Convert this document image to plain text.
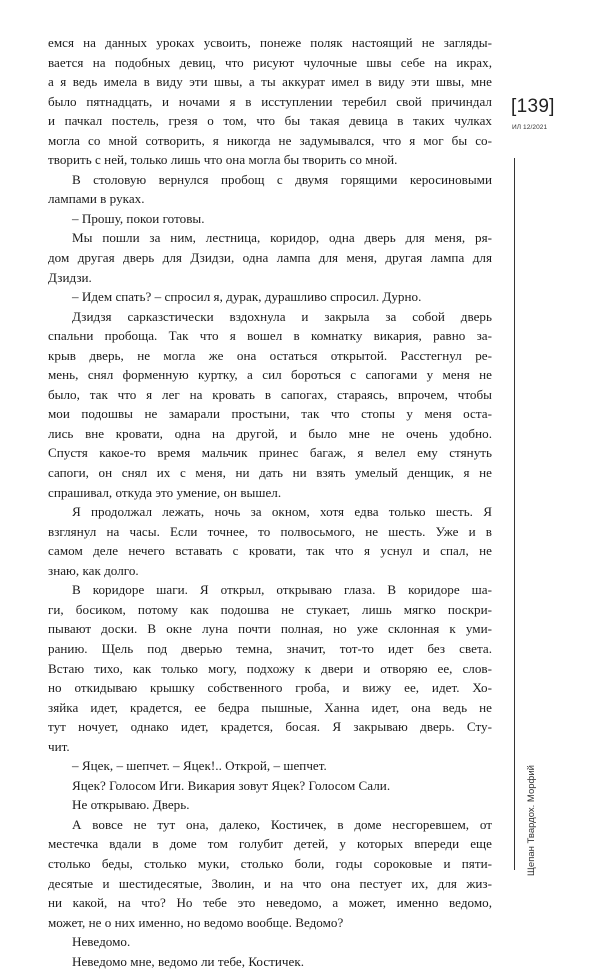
емся на данных уроках усвоить, понеже поляк настоящий не загляды-
вается на подобных девиц, что рисуют чулочные швы себе на икрах,
а я ведь имела в виду эти швы, а ты аккурат имел в виду эти швы, мне
было пятнадцать, и ночами я в исступлении теребил свой причиндал
и пачкал постель, грезя о том, что бы такая девица в таких чулках
могла со мной сотворить, я никогда не задумывался, что я мог бы со-
творить с ней, только лишь что она могла бы творить со мной.
В столовую вернулся пробощ с двумя горящими керосиновыми
лампами в руках.
– Прошу, покои готовы.
Мы пошли за ним, лестница, коридор, одна дверь для меня, ря-
дом другая дверь для Дзидзи, одна лампа для меня, другая лампа для
Дзидзи.
– Идем спать? – спросил я, дурак, дурашливо спросил. Дурно.
Дзидзя сарказстически вздохнула и закрыла за собой дверь
спальни пробоща. Так что я вошел в комнатку викария, равно за-
крыв дверь, не могла же она остаться открытой. Расстегнул ре-
мень, снял форменную куртку, а сил бороться с сапогами у меня не
было, так что я лег на кровать в сапогах, стараясь, впрочем, чтобы
мои подошвы не замарали простыни, так что стопы у меня оста-
лись вне кровати, одна на другой, и было мне не очень удобно.
Спустя какое-то время мальчик принес багаж, я велел ему стянуть
сапоги, он снял их с меня, ни дать ни взять умелый денщик, я не
спрашивал, откуда это умение, он вышел.
Я продолжал лежать, ночь за окном, хотя едва только шесть. Я
взглянул на часы. Если точнее, то полвосьмого, не шесть. Уже и в
самом деле нечего вставать с кровати, так что я уснул и спал, не
знаю, как долго.
В коридоре шаги. Я открыл, открываю глаза. В коридоре ша-
ги, босиком, потому как подошва не стукает, лишь мягко поскри-
пывают доски. В окне луна почти полная, но уже склонная к уми-
ранию. Щель под дверью темна, значит, тот-то идет без света.
Встаю тихо, как только могу, подхожу к двери и отворяю ее, слов-
но откидываю крышку собственного гроба, и вижу ее, идет. Хо-
зяйка идет, крадется, ее бедра пышные, Ханна идет, она ведь не
тут ночует, однако идет, крадется, босая. Я закрываю дверь. Сту-
чит.
– Яцек, – шепчет. – Яцек!.. Открой, – шепчет.
Яцек? Голосом Иги. Викария зовут Яцек? Голосом Сали.
Не открываю. Дверь.
А вовсе не тут она, далеко, Костичек, в доме несгоревшем, от
местечка вдали в доме том голубит детей, у которых впереди еще
столько беды, столько муки, столько боли, годы сороковые и пяти-
десятые и шестидесятые, Зволин, и на что она пестует их, для жиз-
ни какой, на что? Но тебе это неведомо, а может, именно ведомо,
может, не о них именно, но ведомо вообще. Ведомо?
Неведомо.
Неведомо мне, ведомо ли тебе, Костичек.
[139]
ИЛ 12/2021
Щепан Твардох. Морфий
